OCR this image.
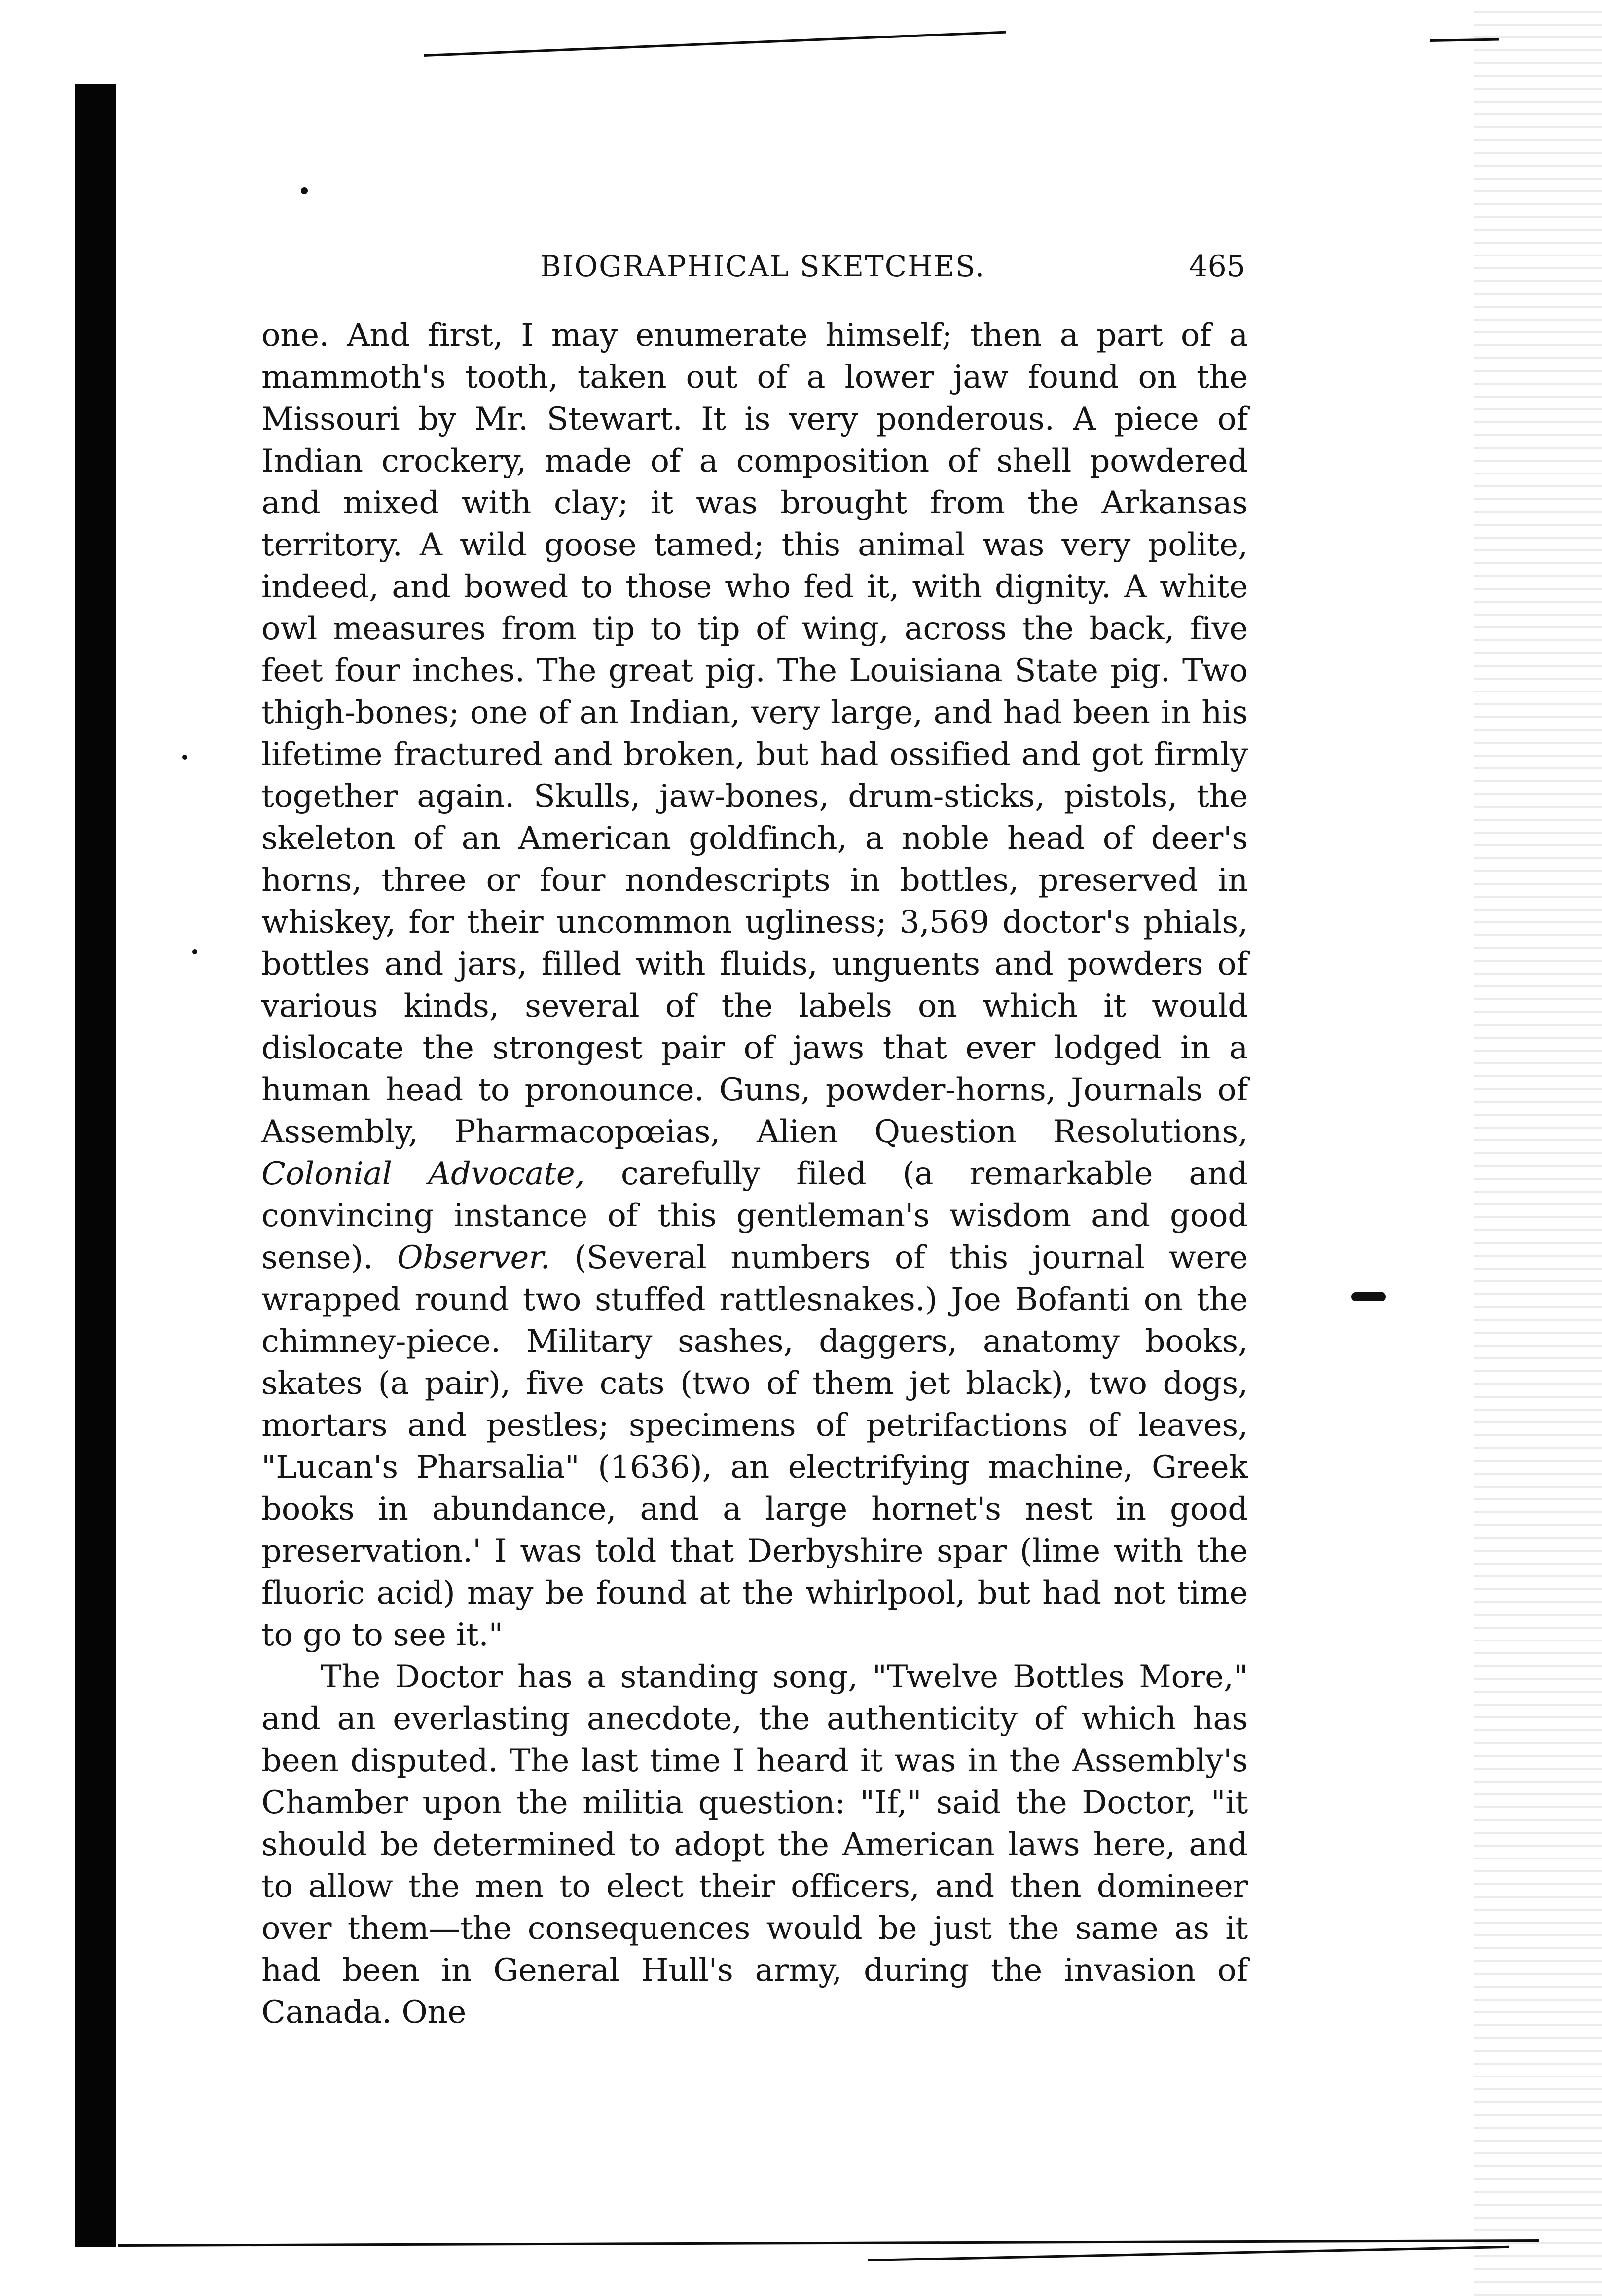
BIOGRAPHICAL SKETCHES.	465

one. And first, I may enumerate himself; then a part of a mammoth's tooth, taken out of a lower jaw found on the Missouri by Mr. Stewart. It is very ponderous. A piece of Indian crockery, made of a composition of shell powdered and mixed with clay; it was brought from the Arkansas territory. A wild goose tamed; this animal was very polite, indeed, and bowed to those who fed it, with dignity. A white owl measures from tip to tip of wing, across the back, five feet four inches. The great pig. The Louisiana State pig. Two thigh-bones; one of an Indian, very large, and had been in his lifetime fractured and broken, but had ossified and got firmly together again. Skulls, jaw-bones, drum-sticks, pistols, the skeleton of an American goldfinch, a noble head of deer's horns, three or four nondescripts in bottles, preserved in whiskey, for their uncommon ugliness; 3,569 doctor's phials, bottles and jars, filled with fluids, unguents and powders of various kinds, several of the labels on which it would dislocate the strongest pair of jaws that ever lodged in a human head to pronounce. Guns, powder-horns, Journals of Assembly, Pharmacopœias, Alien Question Resolutions, Colonial Advocate, carefully filed (a remarkable and convincing instance of this gentleman's wisdom and good sense). Observer. (Several numbers of this journal were wrapped round two stuffed rattlesnakes.) Joe Bofanti on the chimney-piece. Military sashes, daggers, anatomy books, skates (a pair), five cats (two of them jet black), two dogs, mortars and pestles; specimens of petrifactions of leaves, "Lucan's Pharsalia" (1636), an electrifying machine, Greek books in abundance, and a large hornet's nest in good preservation.' I was told that Derbyshire spar (lime with the fluoric acid) may be found at the whirlpool, but had not time to go to see it."

The Doctor has a standing song, "Twelve Bottles More," and an everlasting anecdote, the authenticity of which has been disputed. The last time I heard it was in the Assembly's Chamber upon the militia question: "If," said the Doctor, "it should be determined to adopt the American laws here, and to allow the men to elect their officers, and then domineer over them—the consequences would be just the same as it had been in General Hull's army, during the invasion of Canada. One
